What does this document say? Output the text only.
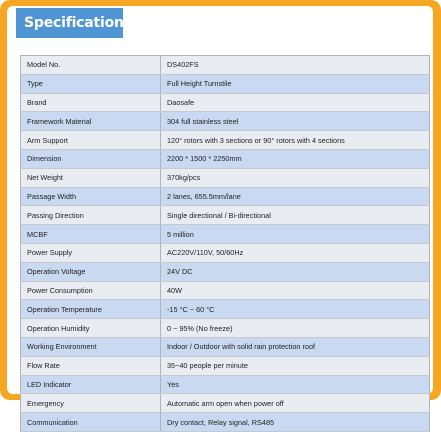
Specification
Model No.	DS402FS
Type	Full Height Turnstile
Brand	Daosafe
Framework Material	304 full stainless steel
Arm Support	120° rotors with 3 sections or 90° rotors with 4 sections
Dimension	2200 * 1500 * 2250mm
Net Weight	370kg/pcs
Passage Width	2 lanes, 655.5mm/lane
Passing Direction	Single directional / Bi-directional
MCBF	5 million
Power Supply	AC220V/110V, 50/60Hz
Operation Voltage	24V DC
Power Consumption	40W
Operation Temperature	-15 °C ~ 60 °C
Operation Humidity	0 ~ 95% (No freeze)
Working Environment	Indoor / Outdoor with solid rain protection roof
Flow Rate	35~40 people per minute
LED Indicator	Yes
Emergency	Automatic arm open when power off
Communication	Dry contact, Relay signal, RS485
